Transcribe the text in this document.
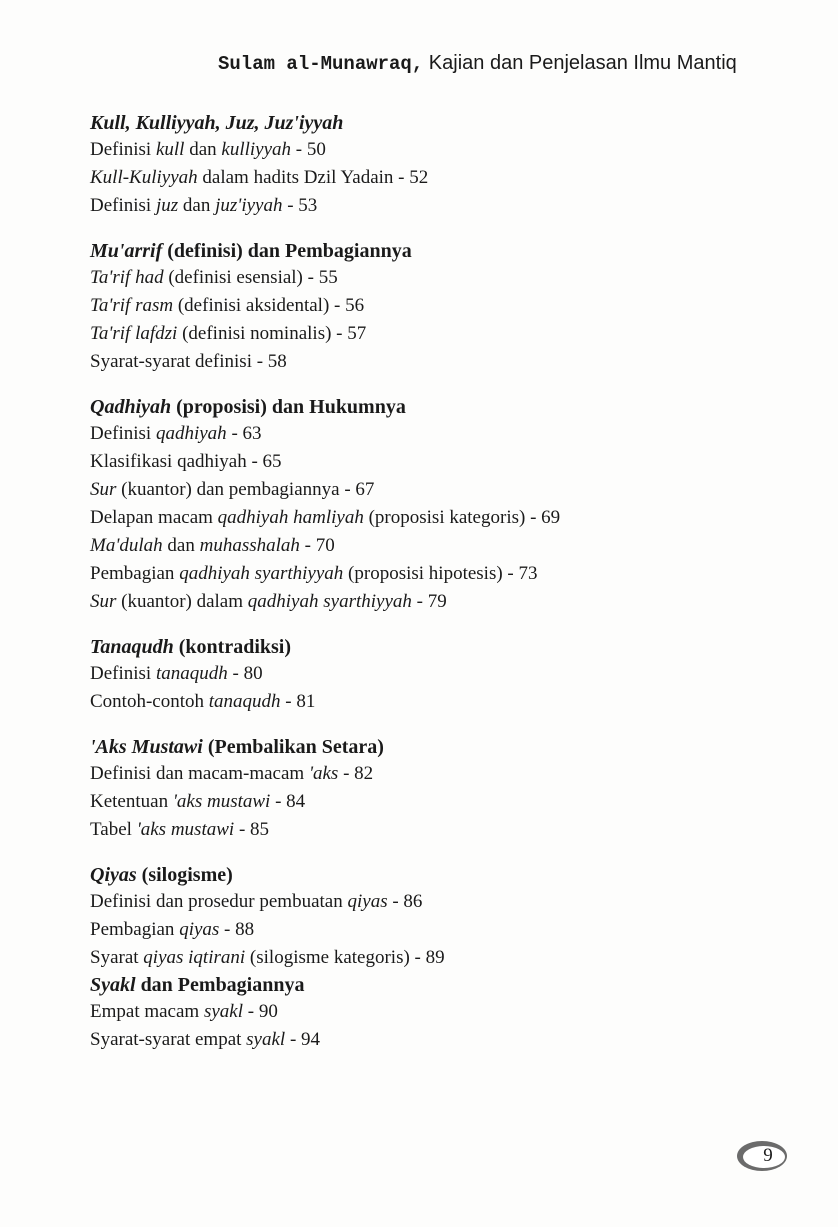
Sulam al-Munawraq, Kajian dan Penjelasan Ilmu Mantiq
Kull, Kulliyyah, Juz, Juz'iyyah
Definisi kull dan kulliyyah - 50
Kull-Kuliyyah dalam hadits Dzil Yadain - 52
Definisi juz dan juz'iyyah - 53
Mu'arrif (definisi) dan Pembagiannya
Ta'rif had (definisi esensial) - 55
Ta'rif rasm (definisi aksidental) - 56
Ta'rif lafdzi (definisi nominalis) - 57
Syarat-syarat definisi - 58
Qadhiyah (proposisi) dan Hukumnya
Definisi qadhiyah - 63
Klasifikasi qadhiyah - 65
Sur (kuantor) dan pembagiannya - 67
Delapan macam qadhiyah hamliyah (proposisi kategoris) - 69
Ma'dulah dan muhasshalah - 70
Pembagian qadhiyah syarthiyyah (proposisi hipotesis) - 73
Sur (kuantor) dalam qadhiyah syarthiyyah - 79
Tanaqudh (kontradiksi)
Definisi tanaqudh - 80
Contoh-contoh tanaqudh - 81
'Aks Mustawi (Pembalikan Setara)
Definisi dan macam-macam 'aks - 82
Ketentuan 'aks mustawi - 84
Tabel 'aks mustawi - 85
Qiyas (silogisme)
Definisi dan prosedur pembuatan qiyas - 86
Pembagian qiyas - 88
Syarat qiyas iqtirani (silogisme kategoris) - 89
Syakl dan Pembagiannya
Empat macam syakl - 90
Syarat-syarat empat syakl - 94
9
